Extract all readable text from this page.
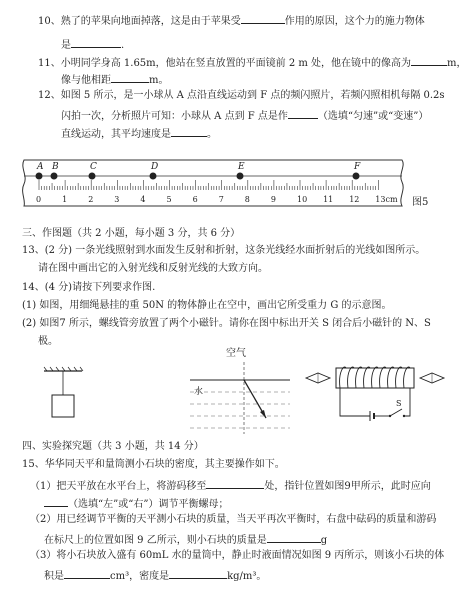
10、熟了的苹果向地面掉落，这是由于苹果受	作用的原因，这个力的施力物体
是	.
11、小明同学身高 1.65m，他站在竖直放置的平面镜前 2 m 处，他在镜中的像高为	m，
像与他相距	m。
12、如图 5 所示，是一小球从 A 点沿直线运动到 F 点的频闪照片，若频闪照相机每隔 0.2s
闪拍一次，分析照片可知：小球从 A 点到 F 点是作	（选填“匀速”或“变速”）
直线运动，其平均速度是	。
A B	C	D	E	F
0	1	2	3	4	5	6	7	8	9	10 11 12 13cm 图5
三、作图题（共 2 小题，每小题 3 分，共 6 分）
13、(2 分) 一条光线照射到水面发生反射和折射，这条光线经水面折射后的光线如图所示。
请在图中画出它的入射光线和反射光线的大致方向。
14、(4 分)请按下列要求作图.
(1) 如图，用细绳悬挂的重 50N 的物体静止在空中，画出它所受重力 G 的示意图。
(2) 如图7 所示，螺线管旁放置了两个小磁针。请你在图中标出开关 S 闭合后小磁针的 N、S
极。
空气
水
S
四、实验探究题（共 3 小题，共 14 分）
15、华华同天平和量筒测小石块的密度，其主要操作如下。
（1）把天平放在水平台上，将游码移至	处，指针位置如图9甲所示，此时应向
（选填“左”或“右”）调节平衡螺母；
（2）用已经调节平衡的天平测小石块的质量，当天平再次平衡时，右盘中砝码的质量和游码
在标尺上的位置如图 9 乙所示，则小石块的质量是	g
（3）将小石块放入盛有 60mL 水的量筒中，静止时液面情况如图 9 丙所示，则该小石块的体
积是	cm³，密度是	kg/m³。
